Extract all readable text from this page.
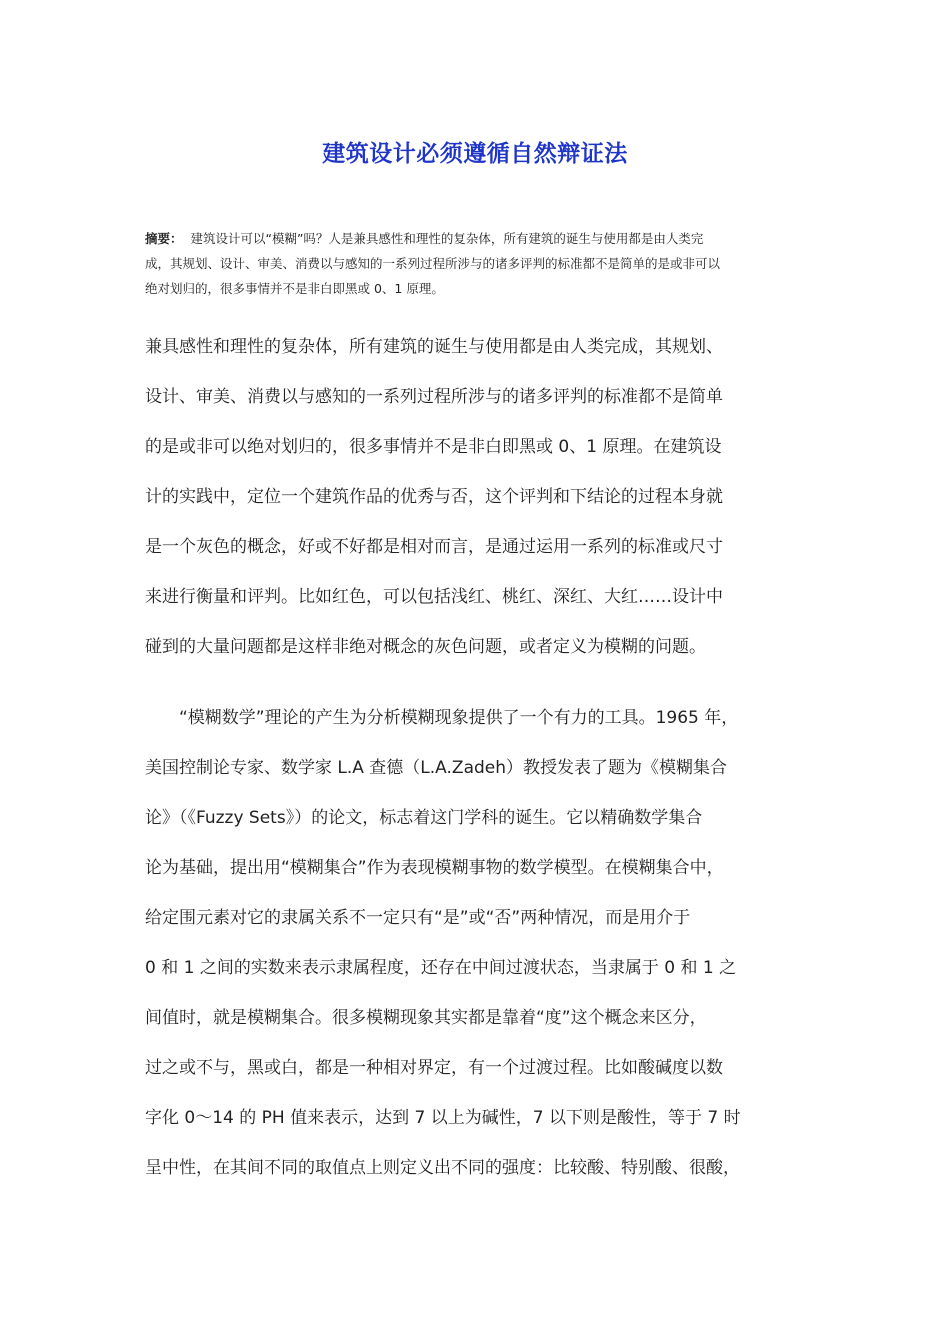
建筑设计必须遵循自然辩证法
摘要： 建筑设计可以“模糊”吗？人是兼具感性和理性的复杂体，所有建筑的诞生与使用都是由人类完
成，其规划、设计、审美、消费以与感知的一系列过程所涉与的诸多评判的标准都不是简单的是或非可以
绝对划归的，很多事情并不是非白即黑或 0、1 原理。
兼具感性和理性的复杂体，所有建筑的诞生与使用都是由人类完成，其规划、
设计、审美、消费以与感知的一系列过程所涉与的诸多评判的标准都不是简单
的是或非可以绝对划归的，很多事情并不是非白即黑或 0、1 原理。在建筑设
计的实践中，定位一个建筑作品的优秀与否，这个评判和下结论的过程本身就
是一个灰色的概念，好或不好都是相对而言，是通过运用一系列的标准或尺寸
来进行衡量和评判。比如红色，可以包括浅红、桃红、深红、大红……设计中
碰到的大量问题都是这样非绝对概念的灰色问题，或者定义为模糊的问题。
  “模糊数学”理论的产生为分析模糊现象提供了一个有力的工具。1965 年，
美国控制论专家、数学家 L.A 查德（L.A.Zadeh）教授发表了题为《模糊集合
论》（《Fuzzy Sets》）的论文，标志着这门学科的诞生。它以精确数学集合
论为基础，提出用“模糊集合”作为表现模糊事物的数学模型。在模糊集合中，
给定围元素对它的隶属关系不一定只有“是”或“否”两种情况，而是用介于
0 和 1 之间的实数来表示隶属程度，还存在中间过渡状态，当隶属于 0 和 1 之
间值时，就是模糊集合。很多模糊现象其实都是靠着“度”这个概念来区分，
过之或不与，黑或白，都是一种相对界定，有一个过渡过程。比如酸碱度以数
字化 0～14 的 PH 值来表示，达到 7 以上为碱性，7 以下则是酸性，等于 7 时
呈中性，在其间不同的取值点上则定义出不同的强度：比较酸、特别酸、很酸，
